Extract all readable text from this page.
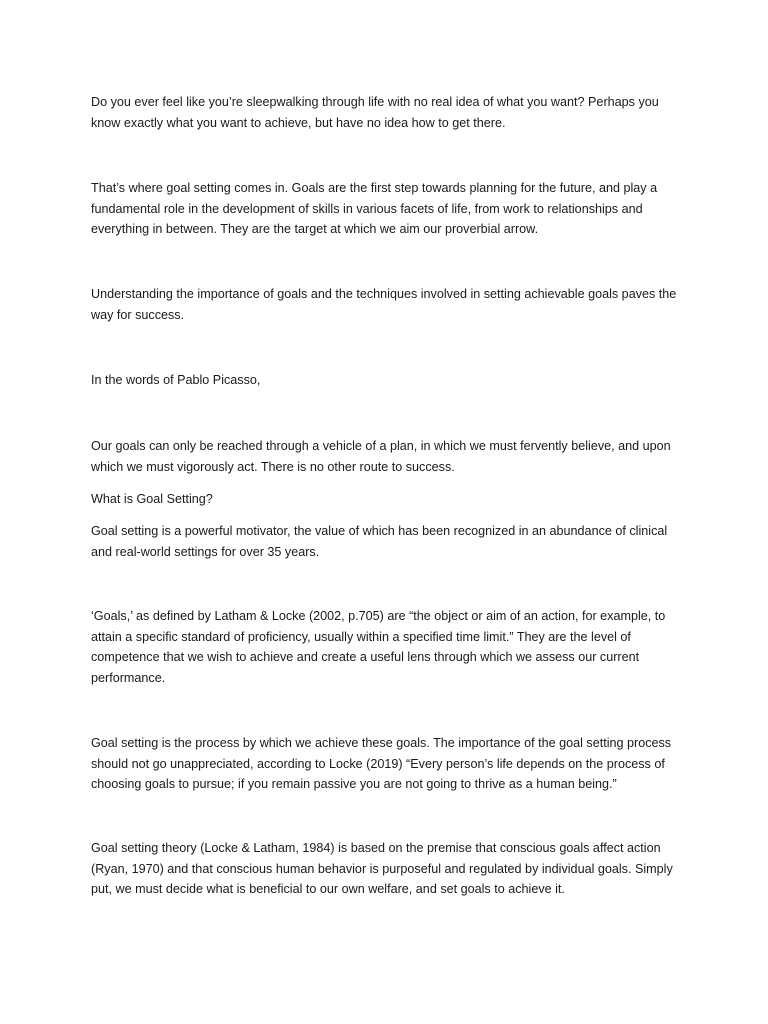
Do you ever feel like you’re sleepwalking through life with no real idea of what you want? Perhaps you know exactly what you want to achieve, but have no idea how to get there.

That’s where goal setting comes in. Goals are the first step towards planning for the future, and play a fundamental role in the development of skills in various facets of life, from work to relationships and everything in between. They are the target at which we aim our proverbial arrow.

Understanding the importance of goals and the techniques involved in setting achievable goals paves the way for success.

In the words of Pablo Picasso,

Our goals can only be reached through a vehicle of a plan, in which we must fervently believe, and upon which we must vigorously act. There is no other route to success.

What is Goal Setting?

Goal setting is a powerful motivator, the value of which has been recognized in an abundance of clinical and real-world settings for over 35 years.

‘Goals,’ as defined by Latham & Locke (2002, p.705) are “the object or aim of an action, for example, to attain a specific standard of proficiency, usually within a specified time limit.” They are the level of competence that we wish to achieve and create a useful lens through which we assess our current performance.

Goal setting is the process by which we achieve these goals. The importance of the goal setting process should not go unappreciated, according to Locke (2019) “Every person’s life depends on the process of choosing goals to pursue; if you remain passive you are not going to thrive as a human being.”

Goal setting theory (Locke & Latham, 1984) is based on the premise that conscious goals affect action (Ryan, 1970) and that conscious human behavior is purposeful and regulated by individual goals. Simply put, we must decide what is beneficial to our own welfare, and set goals to achieve it.
